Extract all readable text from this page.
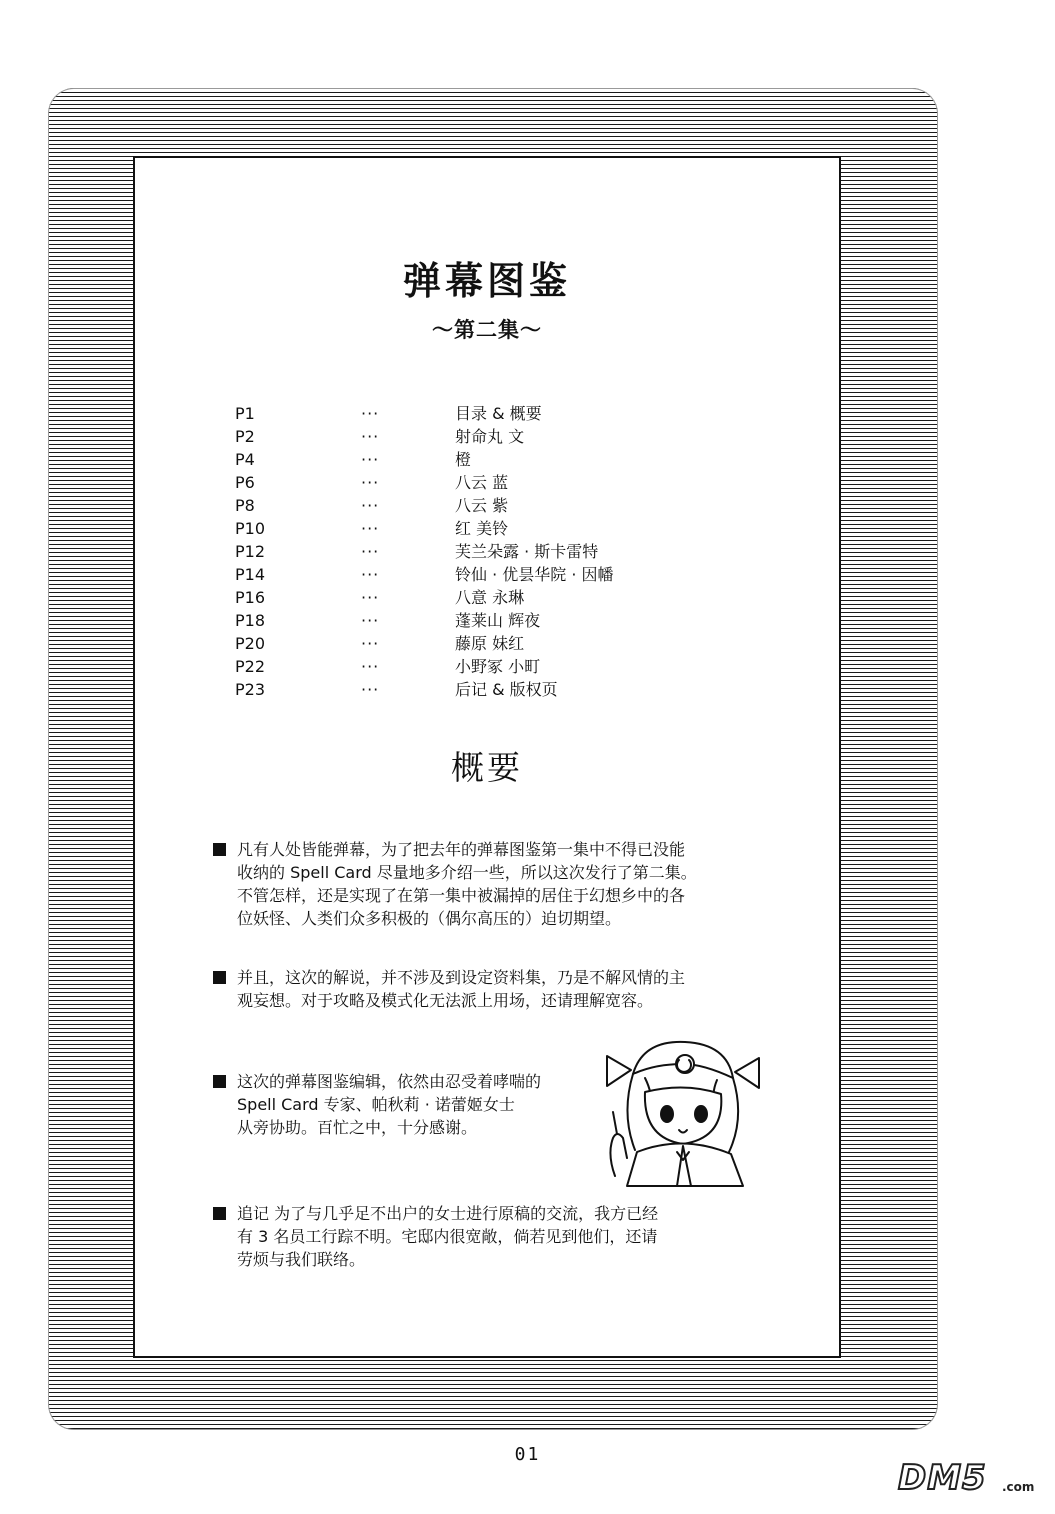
弹幕图鉴
～第二集～
P1	···	目录 & 概要
P2	···	射命丸 文
P4	···	橙
P6	···	八云 蓝
P8	···	八云 紫
P10	···	红 美铃
P12	···	芙兰朵露 · 斯卡雷特
P14	···	铃仙 · 优昙华院 · 因幡
P16	···	八意 永琳
P18	···	蓬莱山 辉夜
P20	···	藤原 妹红
P22	···	小野冢 小町
P23	···	后记 & 版权页
概要
凡有人处皆能弹幕，为了把去年的弹幕图鉴第一集中不得已没能
收纳的 Spell Card 尽量地多介绍一些，所以这次发行了第二集。
不管怎样，还是实现了在第一集中被漏掉的居住于幻想乡中的各
位妖怪、人类们众多积极的（偶尔高压的）迫切期望。
并且，这次的解说，并不涉及到设定资料集，乃是不解风情的主
观妄想。对于攻略及模式化无法派上用场，还请理解宽容。
这次的弹幕图鉴编辑，依然由忍受着哮喘的
Spell Card 专家、帕秋莉 · 诺蕾姬女士
从旁协助。百忙之中，十分感谢。
追记 为了与几乎足不出户的女士进行原稿的交流，我方已经
有 3 名员工行踪不明。宅邸内很宽敞，倘若见到他们，还请
劳烦与我们联络。
01
DM5 .com
